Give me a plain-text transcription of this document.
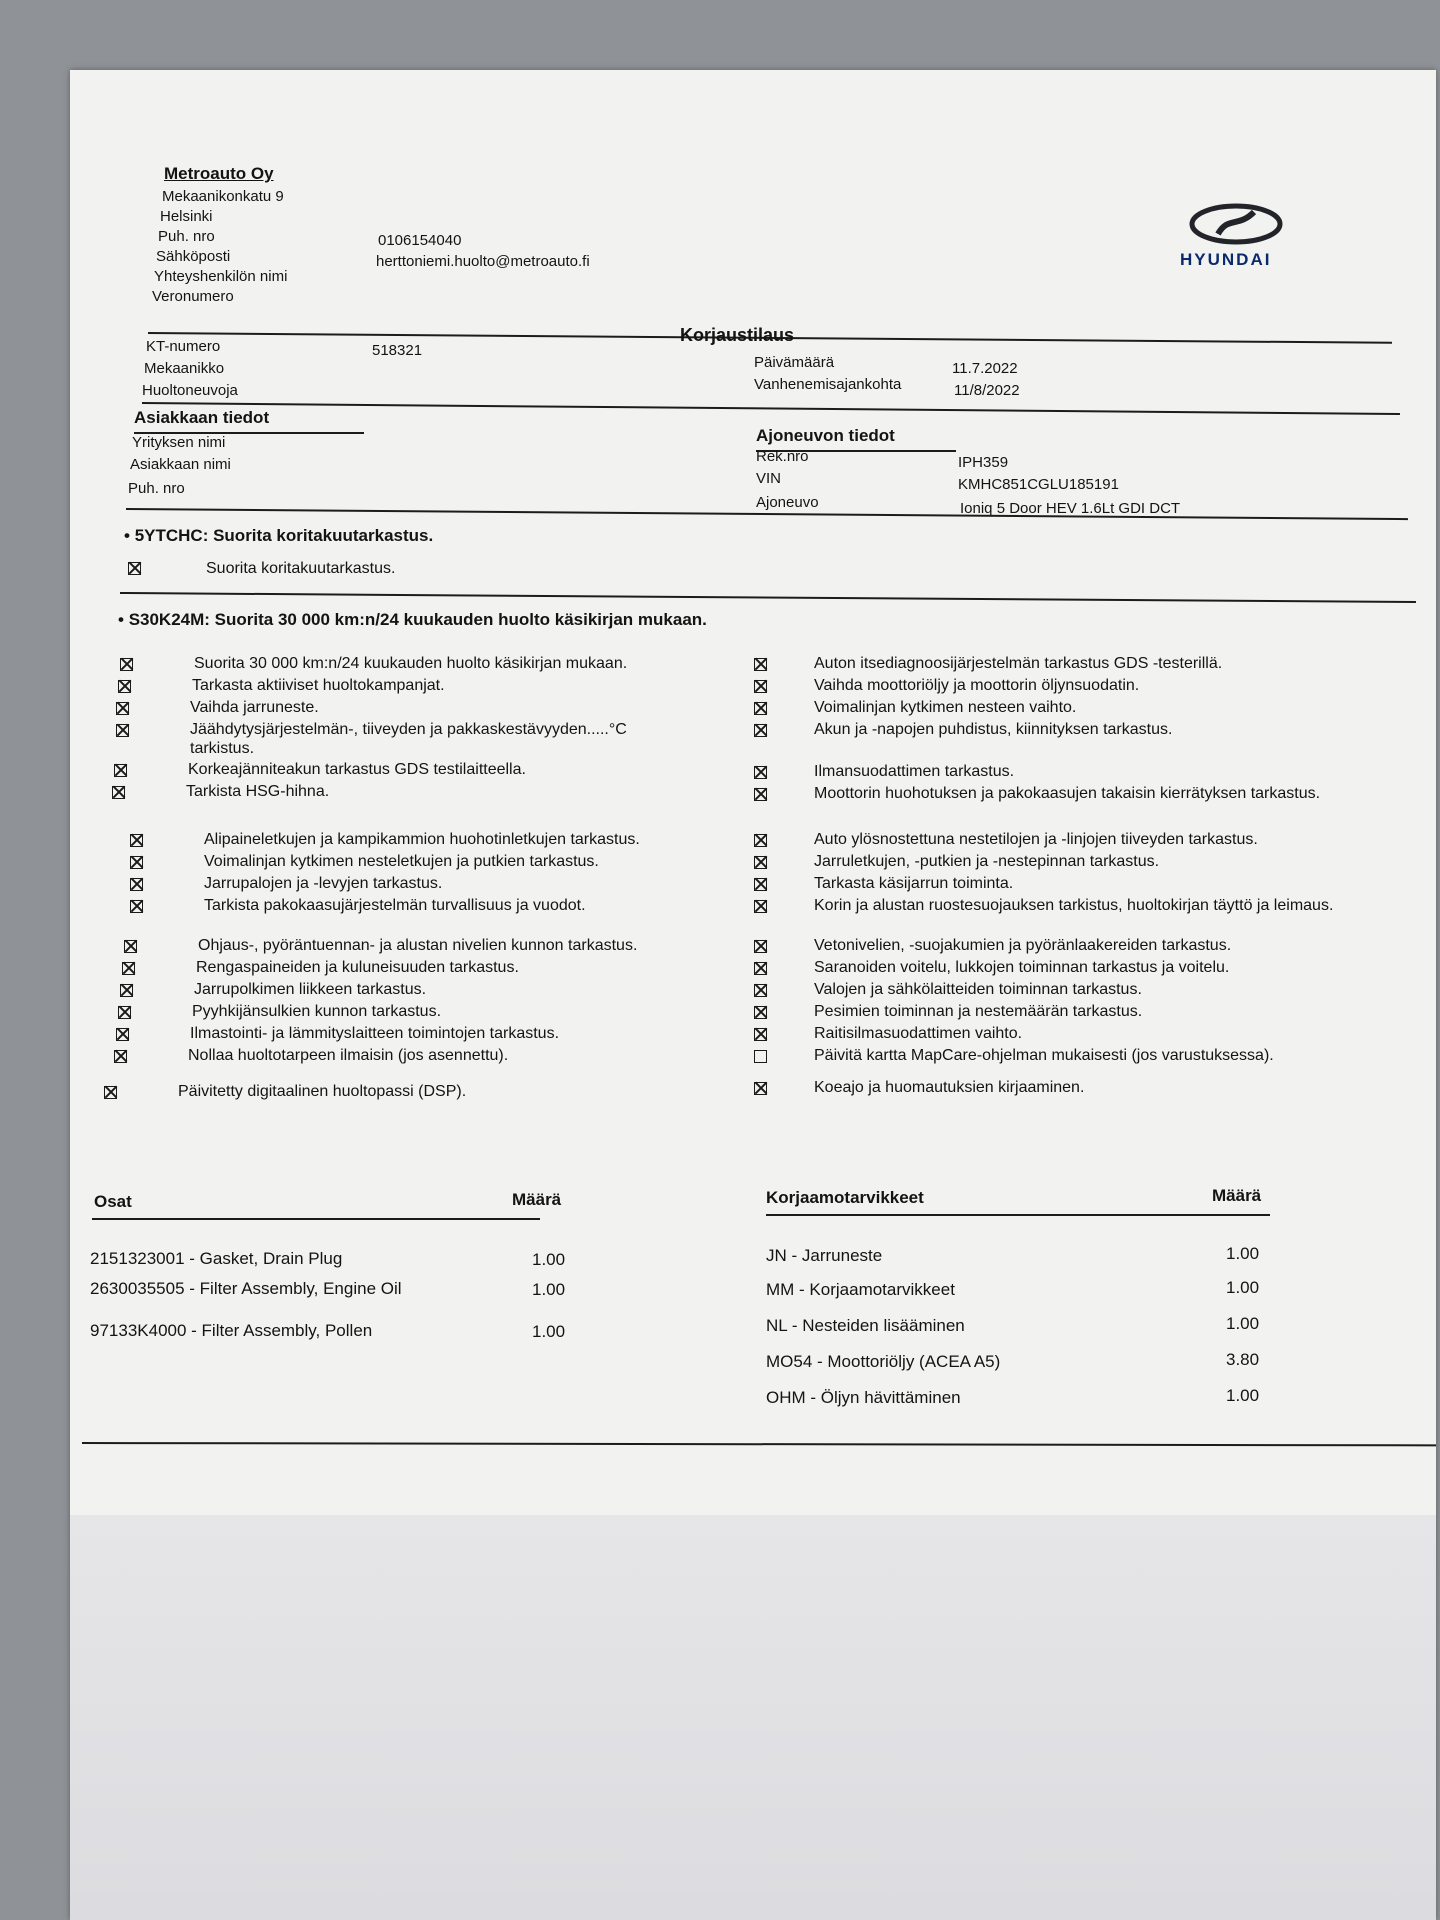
Metroauto Oy
Mekaanikonkatu 9
Helsinki
Puh. nro	0106154040
Sähköposti	herttoniemi.huolto@metroauto.fi
Yhteyshenkilön nimi
Veronumero
HYUNDAI
Korjaustilaus
KT-numero	518321
Mekaanikko
Huoltoneuvoja
Päivämäärä	11.7.2022
Vanhenemisajankohta	11/8/2022
Asiakkaan tiedot
Yrityksen nimi
Asiakkaan nimi
Puh. nro
Ajoneuvon tiedot
Rek.nro	IPH359
VIN	KMHC851CGLU185191
Ajoneuvo	Ioniq 5 Door HEV 1.6Lt GDI DCT
• 5YTCHC: Suorita koritakuutarkastus.
Suorita koritakuutarkastus.
• S30K24M: Suorita 30 000 km:n/24 kuukauden huolto käsikirjan mukaan.
Suorita 30 000 km:n/24 kuukauden huolto käsikirjan mukaan.
Tarkasta aktiiviset huoltokampanjat.
Vaihda jarruneste.
Jäähdytysjärjestelmän-, tiiveyden ja pakkaskestävyyden.....°C tarkistus.
Korkeajänniteakun tarkastus GDS testilaitteella.
Tarkista HSG-hihna.
Alipaineletkujen ja kampikammion huohotinletkujen tarkastus.
Voimalinjan kytkimen nesteletkujen ja putkien tarkastus.
Jarrupalojen ja -levyjen tarkastus.
Tarkista pakokaasujärjestelmän turvallisuus ja vuodot.
Ohjaus-, pyöräntuennan- ja alustan nivelien kunnon tarkastus.
Rengaspaineiden ja kuluneisuuden tarkastus.
Jarrupolkimen liikkeen tarkastus.
Pyyhkijänsulkien kunnon tarkastus.
Ilmastointi- ja lämmityslaitteen toimintojen tarkastus.
Nollaa huoltotarpeen ilmaisin (jos asennettu).
Päivitetty digitaalinen huoltopassi (DSP).
Auton itsediagnoosijärjestelmän tarkastus GDS -testerillä.
Vaihda moottoriöljy ja moottorin öljynsuodatin.
Voimalinjan kytkimen nesteen vaihto.
Akun ja -napojen puhdistus, kiinnityksen tarkastus.
Ilmansuodattimen tarkastus.
Moottorin huohotuksen ja pakokaasujen takaisin kierrätyksen tarkastus.
Auto ylösnostettuna nestetilojen ja -linjojen tiiveyden tarkastus.
Jarruletkujen, -putkien ja -nestepinnan tarkastus.
Tarkasta käsijarrun toiminta.
Korin ja alustan ruostesuojauksen tarkistus, huoltokirjan täyttö ja leimaus.
Vetonivelien, -suojakumien ja pyöränlaakereiden tarkastus.
Saranoiden voitelu, lukkojen toiminnan tarkastus ja voitelu.
Valojen ja sähkölaitteiden toiminnan tarkastus.
Pesimien toiminnan ja nestemäärän tarkastus.
Raitisilmasuodattimen vaihto.
Päivitä kartta MapCare-ohjelman mukaisesti (jos varustuksessa).
Koeajo ja huomautuksien kirjaaminen.
Osat	Määrä
2151323001 - Gasket, Drain Plug	1.00
2630035505 - Filter Assembly, Engine Oil	1.00
97133K4000 - Filter Assembly, Pollen	1.00
Korjaamotarvikkeet	Määrä
JN - Jarruneste	1.00
MM - Korjaamotarvikkeet	1.00
NL - Nesteiden lisääminen	1.00
MO54 - Moottoriöljy (ACEA A5)	3.80
OHM - Öljyn hävittäminen	1.00
